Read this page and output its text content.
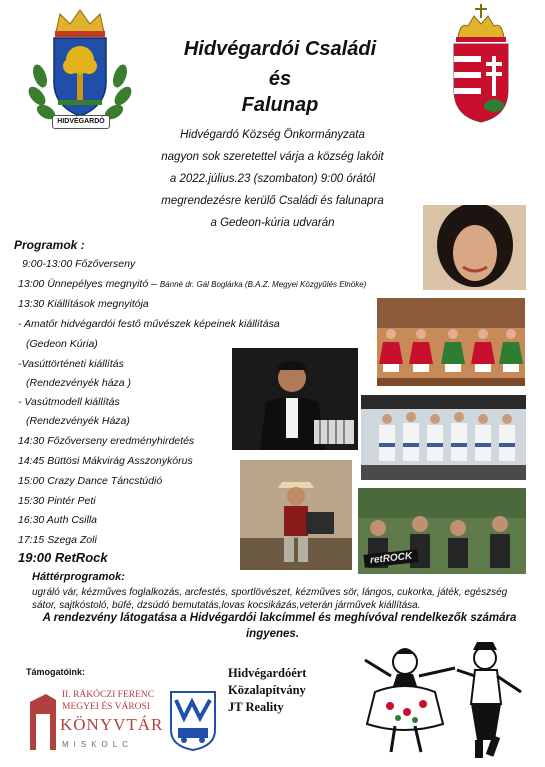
HIDVÉGARDÓ
Hidvégardói Családi
és
Falunap
Hidvégardó Község Önkormányzata
nagyon sok szeretettel várja a község lakóit
a 2022.július.23 (szombaton) 9:00 órától
megrendezésre kerülő Családi és falunapra
a Gedeon-kúria udvarán
retROCK
Programok :
9:00-13:00 Főzőverseny
13:00 Ünnepélyes megnyitó – Bánné dr. Gál Boglárka (B.A.Z. Megyei Közgyűlés Elnöke)
13:30 Kiállítások megnyitója
- Amatőr hidvégardói festő művészek képeinek kiállítása
(Gedeon Kúria)
-Vasúttörténeti kiállítás
(Rendezvényék háza )
- Vasútmodell kiállítás
(Rendezvényék Háza)
14:30 Főzőverseny eredményhirdetés
14:45 Büttösi Mákvirág Asszonykórus
15:00 Crazy Dance Táncstúdió
15:30 Pintér Peti
16:30 Auth Csilla
17:15 Szega Zoli
19:00 RetRock
Háttérprogramok:
ugráló vár, kézműves foglalkozás, arcfestés, sportlövészet, kézműves sör, lángos, cukorka, játék, egészség sátor, sajtkóstoló, büfé, dzsúdó bemutatás,lovas kocsikázás,veterán járművek kiállítása.
A rendezvény látogatása a Hidvégardói lakcímmel és meghívóval rendelkezők számára
ingyenes.
Támogatóink:
II. RÁKÓCZI FERENC
MEGYEI ÉS VÁROSI
KÖNYVTÁR
MISKOLC
Hidvégardóért
Közalapítvány
JT Reality
